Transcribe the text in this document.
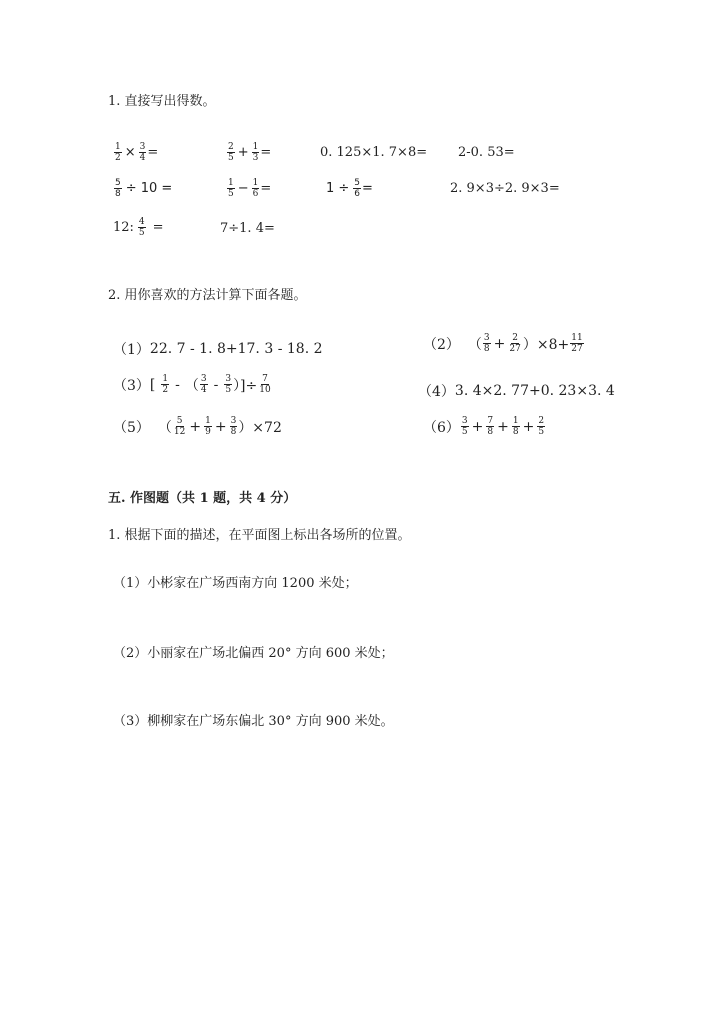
1. 直接写出得数。
$\frac{1}{2} \times \frac{3}{4}$ =	$\frac{2}{5} + \frac{1}{3}$ =	0. 125×1. 7×8= 2-0. 53=
$\frac{5}{8} \div 10$ =	$\frac{1}{5} - \frac{1}{6}$ =	$1 \div \frac{5}{6}$ =	2. 9×3÷2. 9×3=
12: $\frac{4}{5}$ =	7÷1. 4=
2. 用你喜欢的方法计算下面各题。
（1） 22. 7 - 1. 8+17. 3 - 18. 2	（2） （ $\frac{3}{8} + \frac{2}{27} )\times 8+ \frac{11}{27}$
（3） [ $\frac{1}{2}$ - （ $\frac{3}{4} - \frac{3}{5}$ ）]÷ $\frac{7}{10}$	（4） 3. 4×2. 77+0. 23×3. 4
（5） （ $\frac{5}{12} + \frac{1}{9} + \frac{3}{8} )\times 72$	$(6) \frac{3}{5} + \frac{7}{8} + \frac{1}{8} + \frac{2}{5}$
五. 作图题（共 1 题，共 4 分）
1. 根据下面的描述，在平面图上标出各场所的位置。
（1）小彬家在广场西南方向 1200 米处；
（2）小丽家在广场北偏西 20° 方向 600 米处；
（3）柳柳家在广场东偏北 30° 方向 900 米处。
